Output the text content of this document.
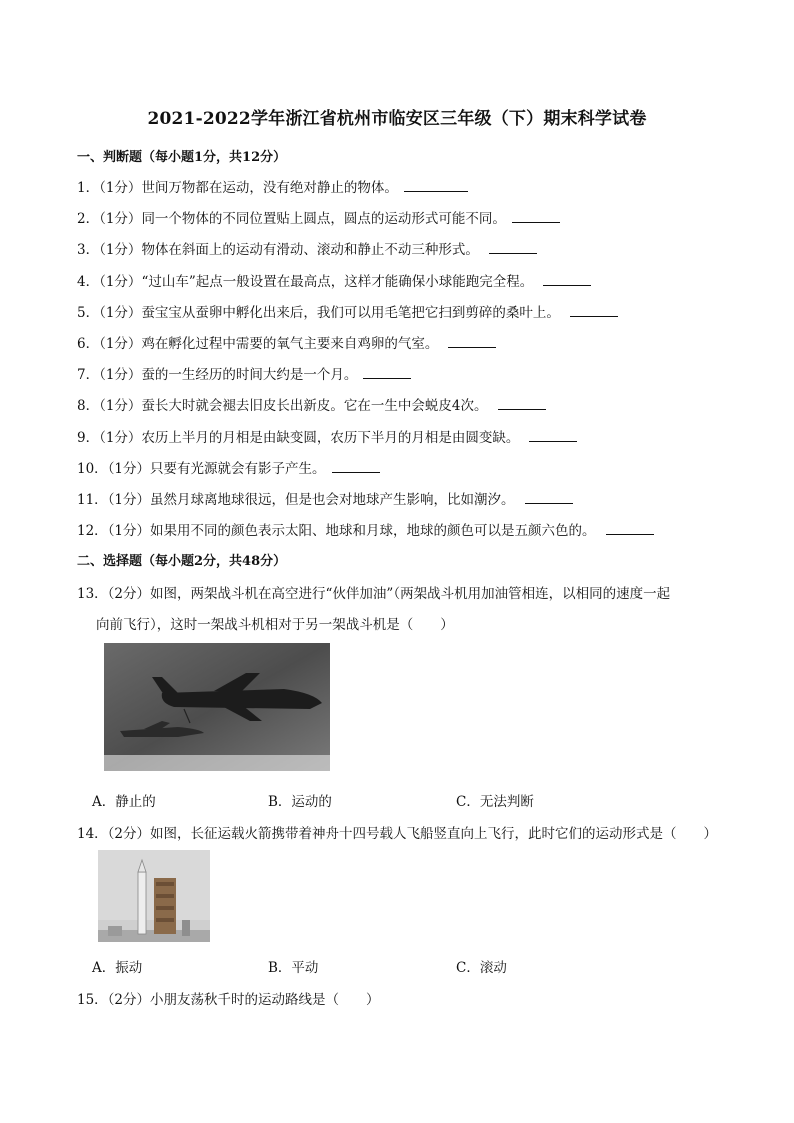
2021-2022学年浙江省杭州市临安区三年级（下）期末科学试卷
一、判断题（每小题1分，共12分）
1．（1分）世间万物都在运动，没有绝对静止的物体。
2．（1分）同一个物体的不同位置贴上圆点，圆点的运动形式可能不同。
3．（1分）物体在斜面上的运动有滑动、滚动和静止不动三种形式。
4．（1分）“过山车”起点一般设置在最高点，这样才能确保小球能跑完全程。
5．（1分）蚕宝宝从蚕卵中孵化出来后，我们可以用毛笔把它扫到剪碎的桑叶上。
6．（1分）鸡在孵化过程中需要的氧气主要来自鸡卵的气室。
7．（1分）蚕的一生经历的时间大约是一个月。
8．（1分）蚕长大时就会褪去旧皮长出新皮。它在一生中会蜕皮4次。
9．（1分）农历上半月的月相是由缺变圆，农历下半月的月相是由圆变缺。
10．（1分）只要有光源就会有影子产生。
11．（1分）虽然月球离地球很远，但是也会对地球产生影响，比如潮汐。
12．（1分）如果用不同的颜色表示太阳、地球和月球，地球的颜色可以是五颜六色的。
二、选择题（每小题2分，共48分）
13．（2分）如图，两架战斗机在高空进行“伙伴加油”（两架战斗机用加油管相连，以相同的速度一起
向前飞行），这时一架战斗机相对于另一架战斗机是（　　）
A．静止的	B．运动的	C．无法判断
14．（2分）如图，长征运载火箭携带着神舟十四号载人飞船竖直向上飞行，此时它们的运动形式是（　　）
A．振动	B．平动	C．滚动
15．（2分）小朋友荡秋千时的运动路线是（　　）
